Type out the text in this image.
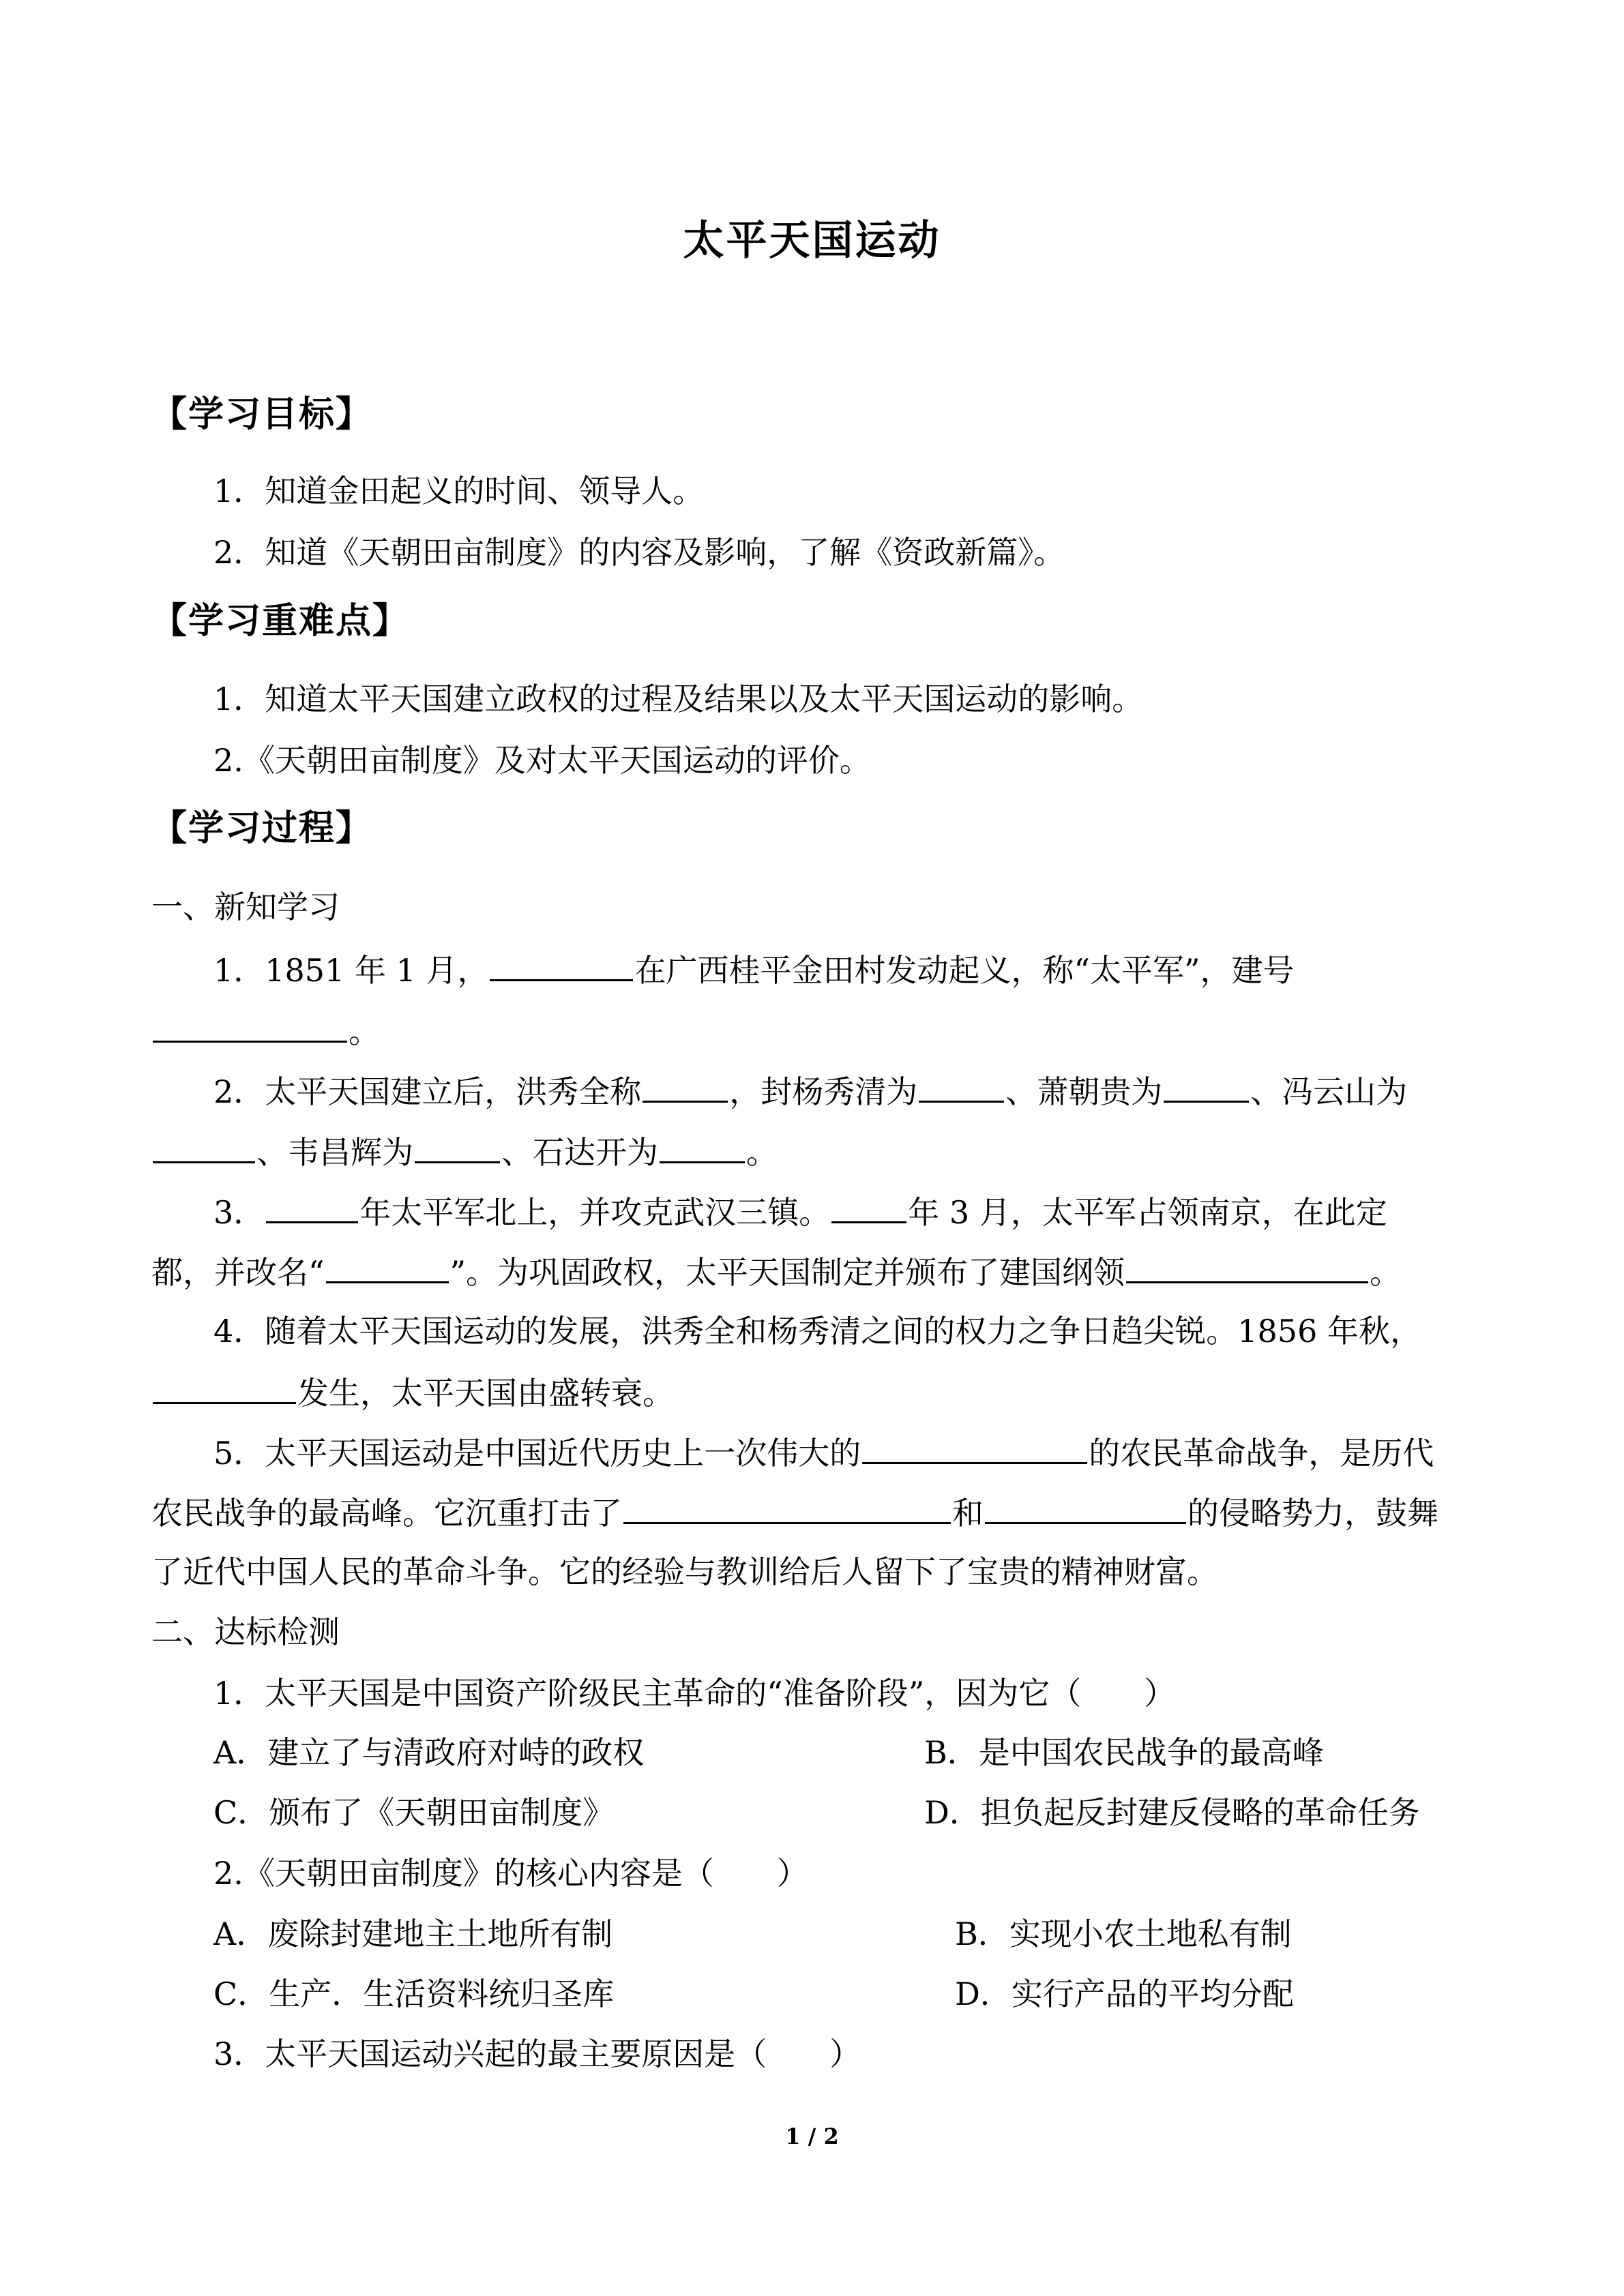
太平天国运动
【学习目标】
1．知道金田起义的时间、领导人。
2．知道《天朝田亩制度》的内容及影响，了解《资政新篇》。
【学习重难点】
1．知道太平天国建立政权的过程及结果以及太平天国运动的影响。
2.《天朝田亩制度》及对太平天国运动的评价。
【学习过程】
一、新知学习
1．1851 年 1 月，	在广西桂平金田村发动起义，称“太平军”，建号
。
2．太平天国建立后，洪秀全称	，封杨秀清为	、萧朝贵为	、冯云山为
、韦昌辉为	、石达开为	。
3．	年太平军北上，并攻克武汉三镇。 年 3 月，太平军占领南京，在此定
都，并改名“	”。为巩固政权，太平天国制定并颁布了建国纲领	。
4．随着太平天国运动的发展，洪秀全和杨秀清之间的权力之争日趋尖锐。1856 年秋，
发生，太平天国由盛转衰。
5．太平天国运动是中国近代历史上一次伟大的	的农民革命战争，是历代
农民战争的最高峰。它沉重打击了	和	的侵略势力，鼓舞
了近代中国人民的革命斗争。它的经验与教训给后人留下了宝贵的精神财富。
二、达标检测
1．太平天国是中国资产阶级民主革命的“准备阶段”，因为它（　　）
A．建立了与清政府对峙的政权	B．是中国农民战争的最高峰
C．颁布了《天朝田亩制度》	D．担负起反封建反侵略的革命任务
2.《天朝田亩制度》的核心内容是（　　）
A．废除封建地主土地所有制	B．实现小农土地私有制
C．生产．生活资料统归圣库	D．实行产品的平均分配
3．太平天国运动兴起的最主要原因是（　　）
1 / 2
